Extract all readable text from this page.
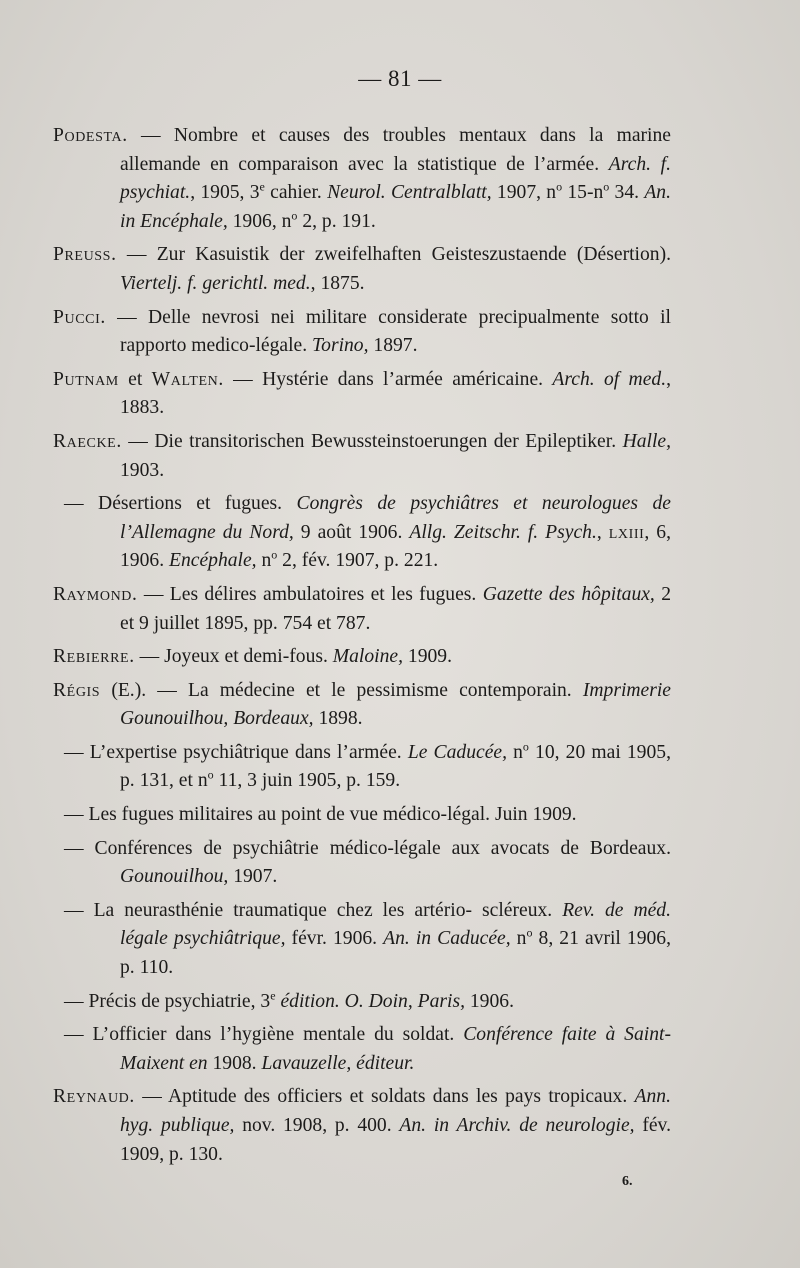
— 81 —

Podesta. — Nombre et causes des troubles mentaux dans la marine allemande en comparaison avec la statistique de l’armée. Arch. f. psychiat., 1905, 3e cahier. Neurol. Centralblatt, 1907, $n^o$ $15-n^o$ 34. An. in Encéphale, 1906, $n^o$ 2, p. 191.

Preuss. — Zur Kasuistik der zweifelhaften Geisteszustaende (Désertion). Viertelj. f. gerichtl. med., 1875.

Pucci. — Delle nevrosi nei militare considerate precipualmente sotto il rapporto medico-légale. Torino, 1897.

Putnam et Walten. — Hystérie dans l’armée américaine. Arch. of med., 1883.

Raecke. — Die transitorischen Bewussteinstoerungen der Epileptiker. Halle, 1903.

— Désertions et fugues. Congrès de psychiâtres et neurologues de l’Allemagne du Nord, 9 août 1906. Allg. Zeitschr. f. Psych., lxiii, 6, 1906. Encéphale, $n^o$ 2, fév. 1907, p. 221.

Raymond. — Les délires ambulatoires et les fugues. Gazette des hôpitaux, 2 et 9 juillet 1895, pp. 754 et 787.

Rebierre. — Joyeux et demi-fous. Maloine, 1909.

Régis (E.). — La médecine et le pessimisme contemporain. Imprimerie Gounouilhou, Bordeaux, 1898.

— L’expertise psychiâtrique dans l’armée. Le Caducée, $n^o$ 10, 20 mai 1905, p. 131, et $n^o$ 11, 3 juin 1905, p. 159.

— Les fugues militaires au point de vue médico-légal. Juin 1909.

— Conférences de psychiâtrie médico-légale aux avocats de Bordeaux. Gounouilhou, 1907.

— La neurasthénie traumatique chez les artério- scléreux. Rev. de méd. légale psychiâtrique, févr. 1906. An. in Caducée, $n^o$ 8, 21 avril 1906, p. 110.

— Précis de psychiatrie, 3e édition. O. Doin, Paris, 1906.

— L’officier dans l’hygiène mentale du soldat. Conférence faite à Saint-Maixent en 1908. Lavauzelle, éditeur.

Reynaud. — Aptitude des officiers et soldats dans les pays tropicaux. Ann. hyg. publique, nov. 1908, p. 400. An. in Archiv. de neurologie, fév. 1909, p. 130.

6.
